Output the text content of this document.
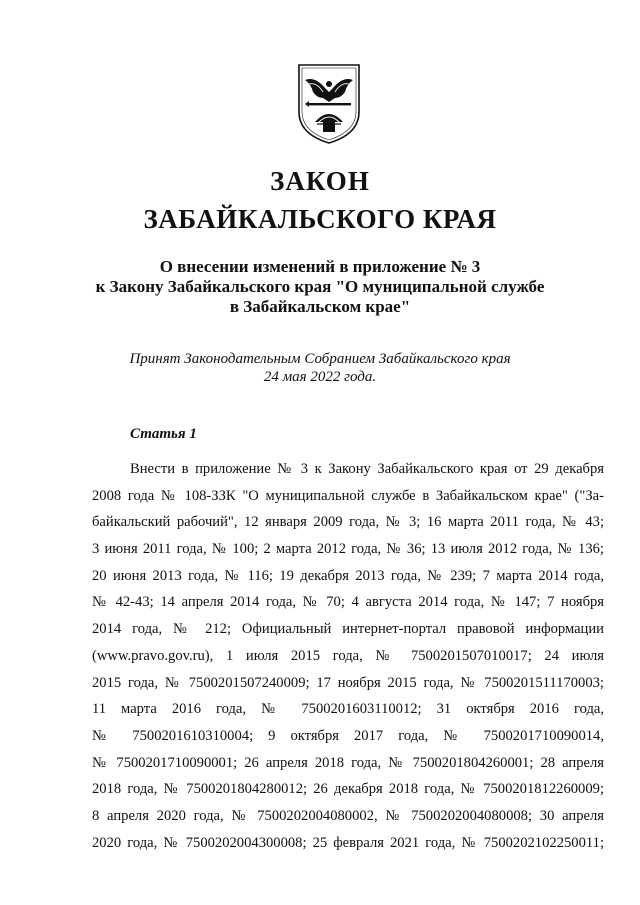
ЗАКОН
ЗАБАЙКАЛЬСКОГО КРАЯ
О внесении изменений в приложение № 3
к Закону Забайкальского края "О муниципальной службе
в Забайкальском крае"
Принят Законодательным Собранием Забайкальского края
24 мая 2022 года.
Статья 1
Внести в приложение № 3 к Закону Забайкальского края от 29 декабря
2008 года № 108-ЗЗК "О муниципальной службе в Забайкальском крае" ("За-
байкальский рабочий", 12 января 2009 года, № 3; 16 марта 2011 года, № 43;
3 июня 2011 года, № 100; 2 марта 2012 года, № 36; 13 июля 2012 года, № 136;
20 июня 2013 года, № 116; 19 декабря 2013 года, № 239; 7 марта 2014 года,
№ 42-43; 14 апреля 2014 года, № 70; 4 августа 2014 года, № 147; 7 ноября
2014 года, № 212; Официальный интернет-портал правовой информации
(www.pravo.gov.ru), 1 июля 2015 года, № 7500201507010017; 24 июля
2015 года, № 7500201507240009; 17 ноября 2015 года, № 7500201511170003;
11 марта 2016 года, № 7500201603110012; 31 октября 2016 года,
№ 7500201610310004; 9 октября 2017 года, № 7500201710090014,
№ 7500201710090001; 26 апреля 2018 года, № 7500201804260001; 28 апреля
2018 года, № 7500201804280012; 26 декабря 2018 года, № 7500201812260009;
8 апреля 2020 года, № 7500202004080002, № 7500202004080008; 30 апреля
2020 года, № 7500202004300008; 25 февраля 2021 года, № 7500202102250011;
